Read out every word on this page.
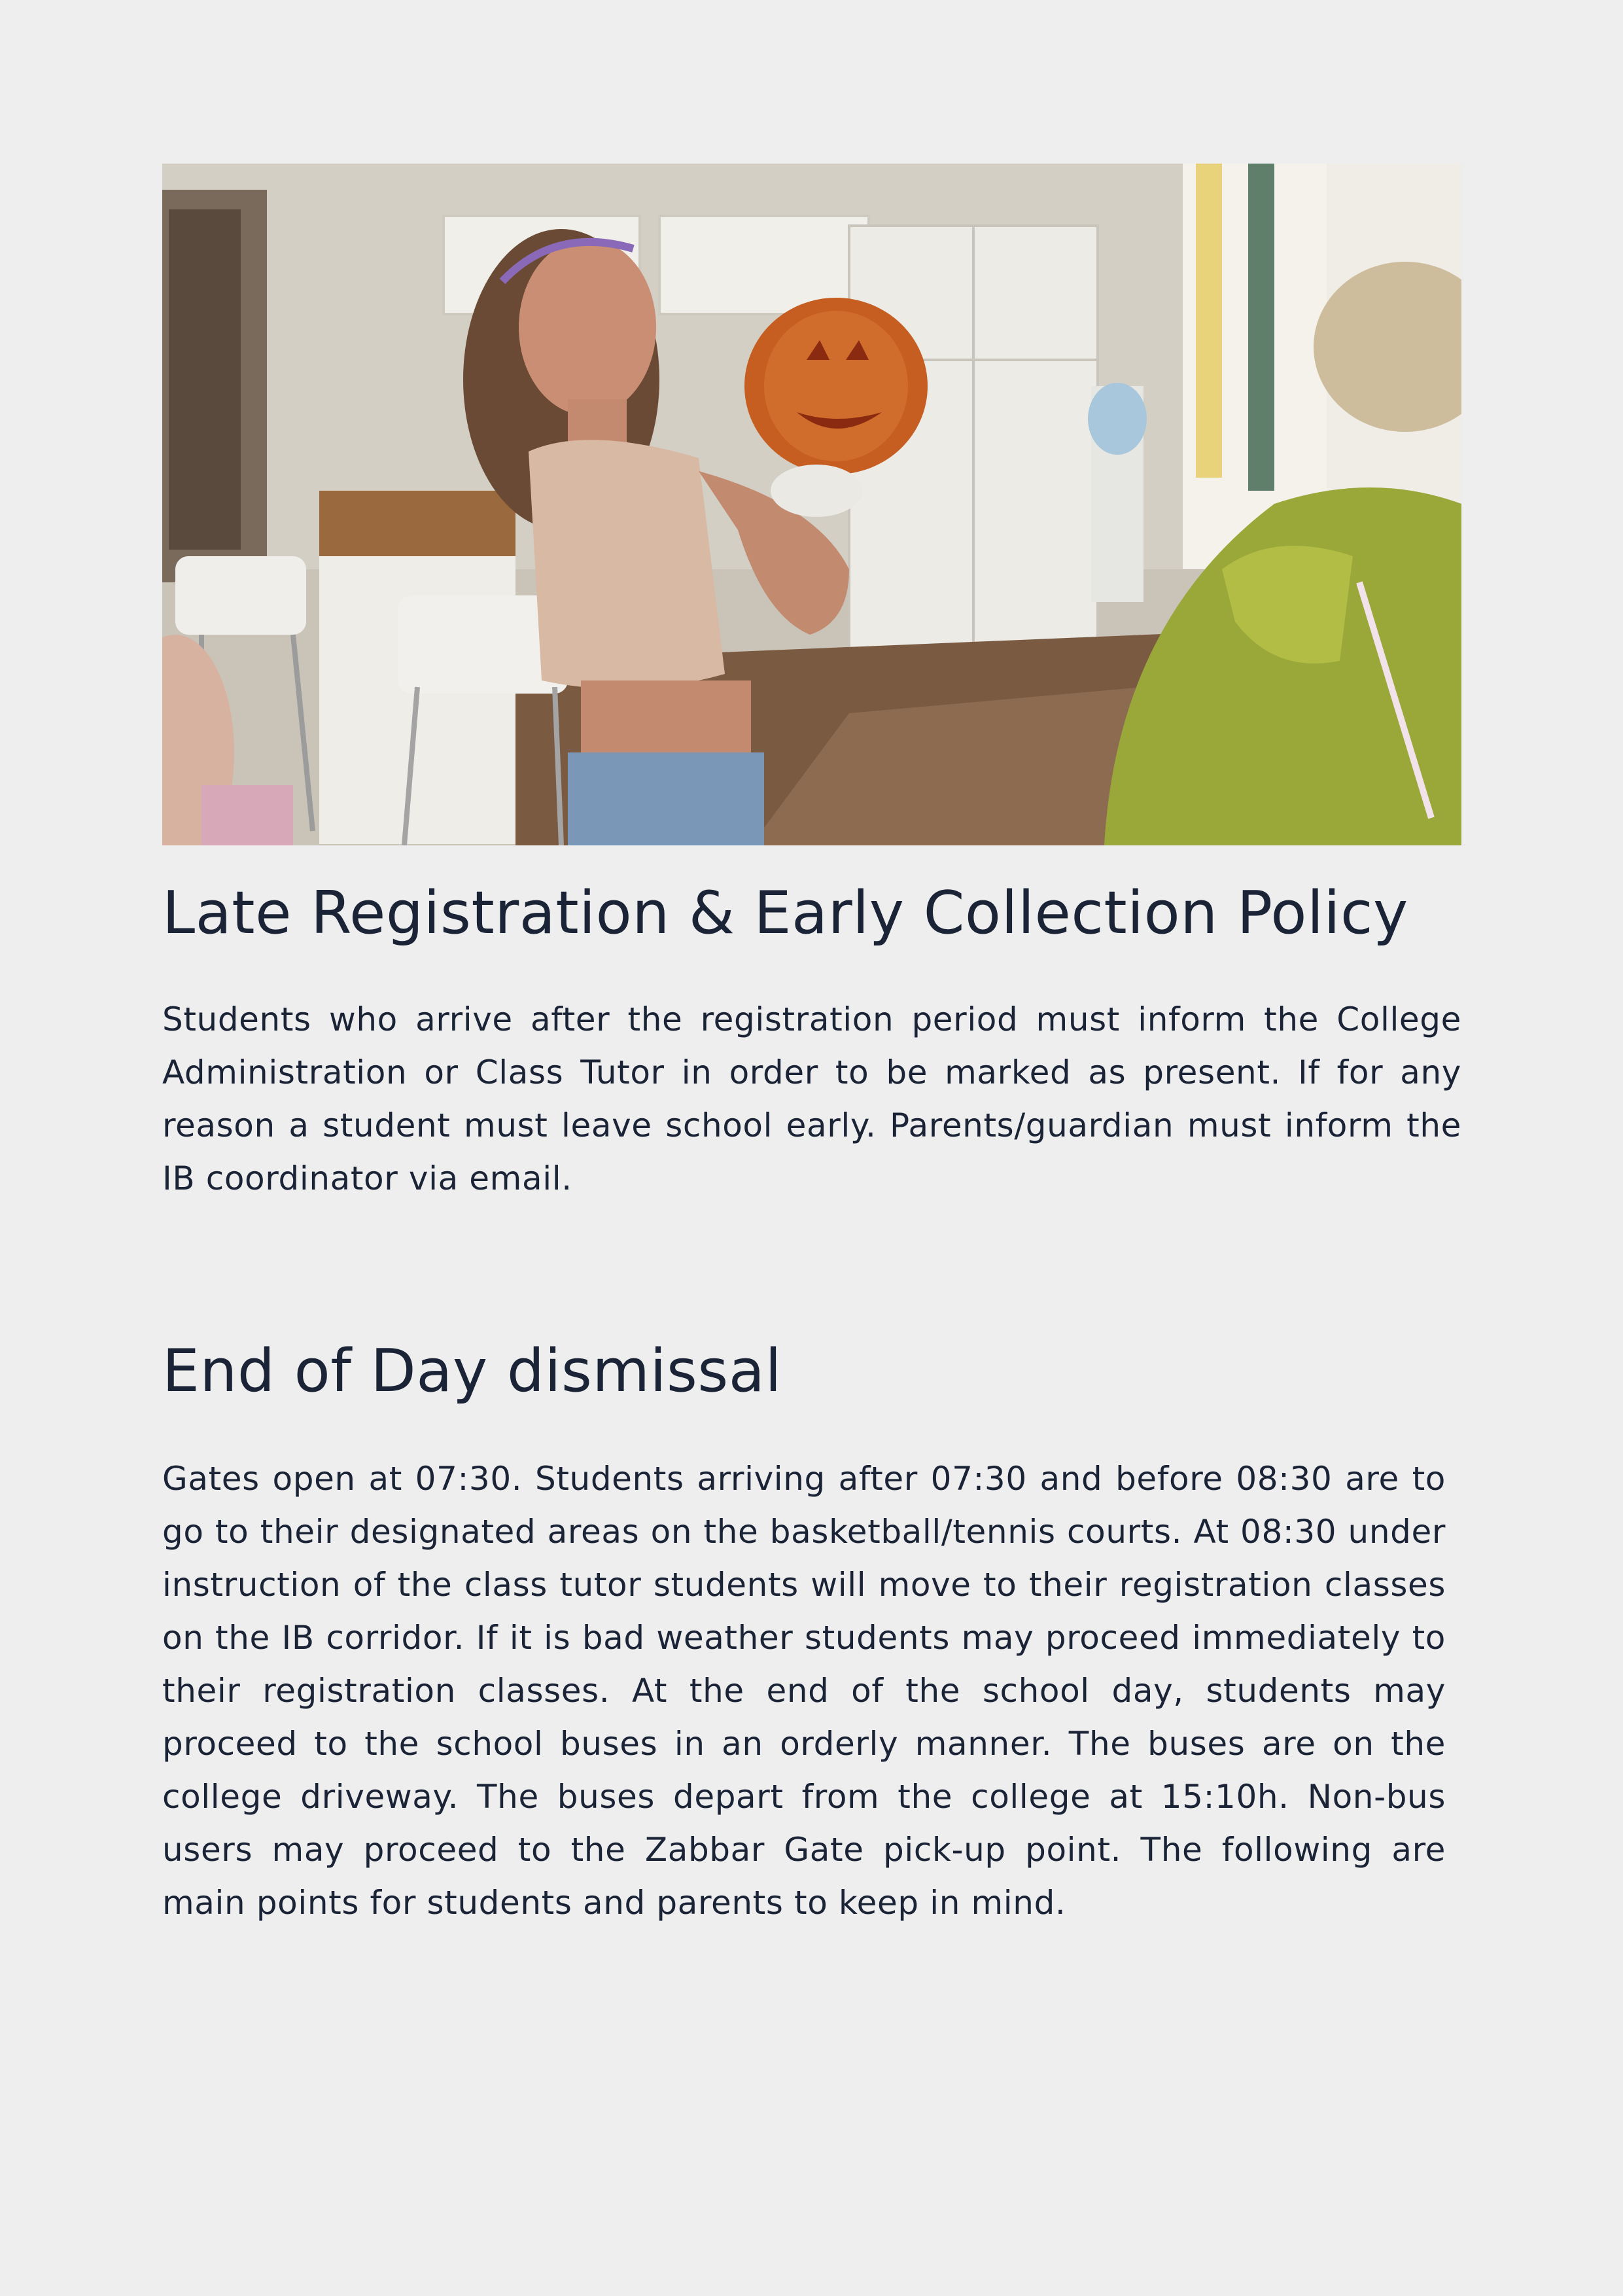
Late Registration & Early Collection Policy

Students who arrive after the registration period must inform the College Administration or Class Tutor in order to be marked as present. If for any reason a student must leave school early. Parents/guardian must inform the IB coordinator via email.

End of Day dismissal

Gates open at 07:30. Students arriving after 07:30 and before 08:30 are to go to their designated areas on the basketball/tennis courts. At 08:30 under instruction of the class tutor students will move to their registration classes on the IB corridor. If it is bad weather students may proceed immediately to their registration classes. At the end of the school day, students may proceed to the school buses in an orderly manner. The buses are on the college driveway. The buses depart from the college at 15:10h. Non-bus users may proceed to the Zabbar Gate pick-up point. The following are main points for students and parents to keep in mind.
